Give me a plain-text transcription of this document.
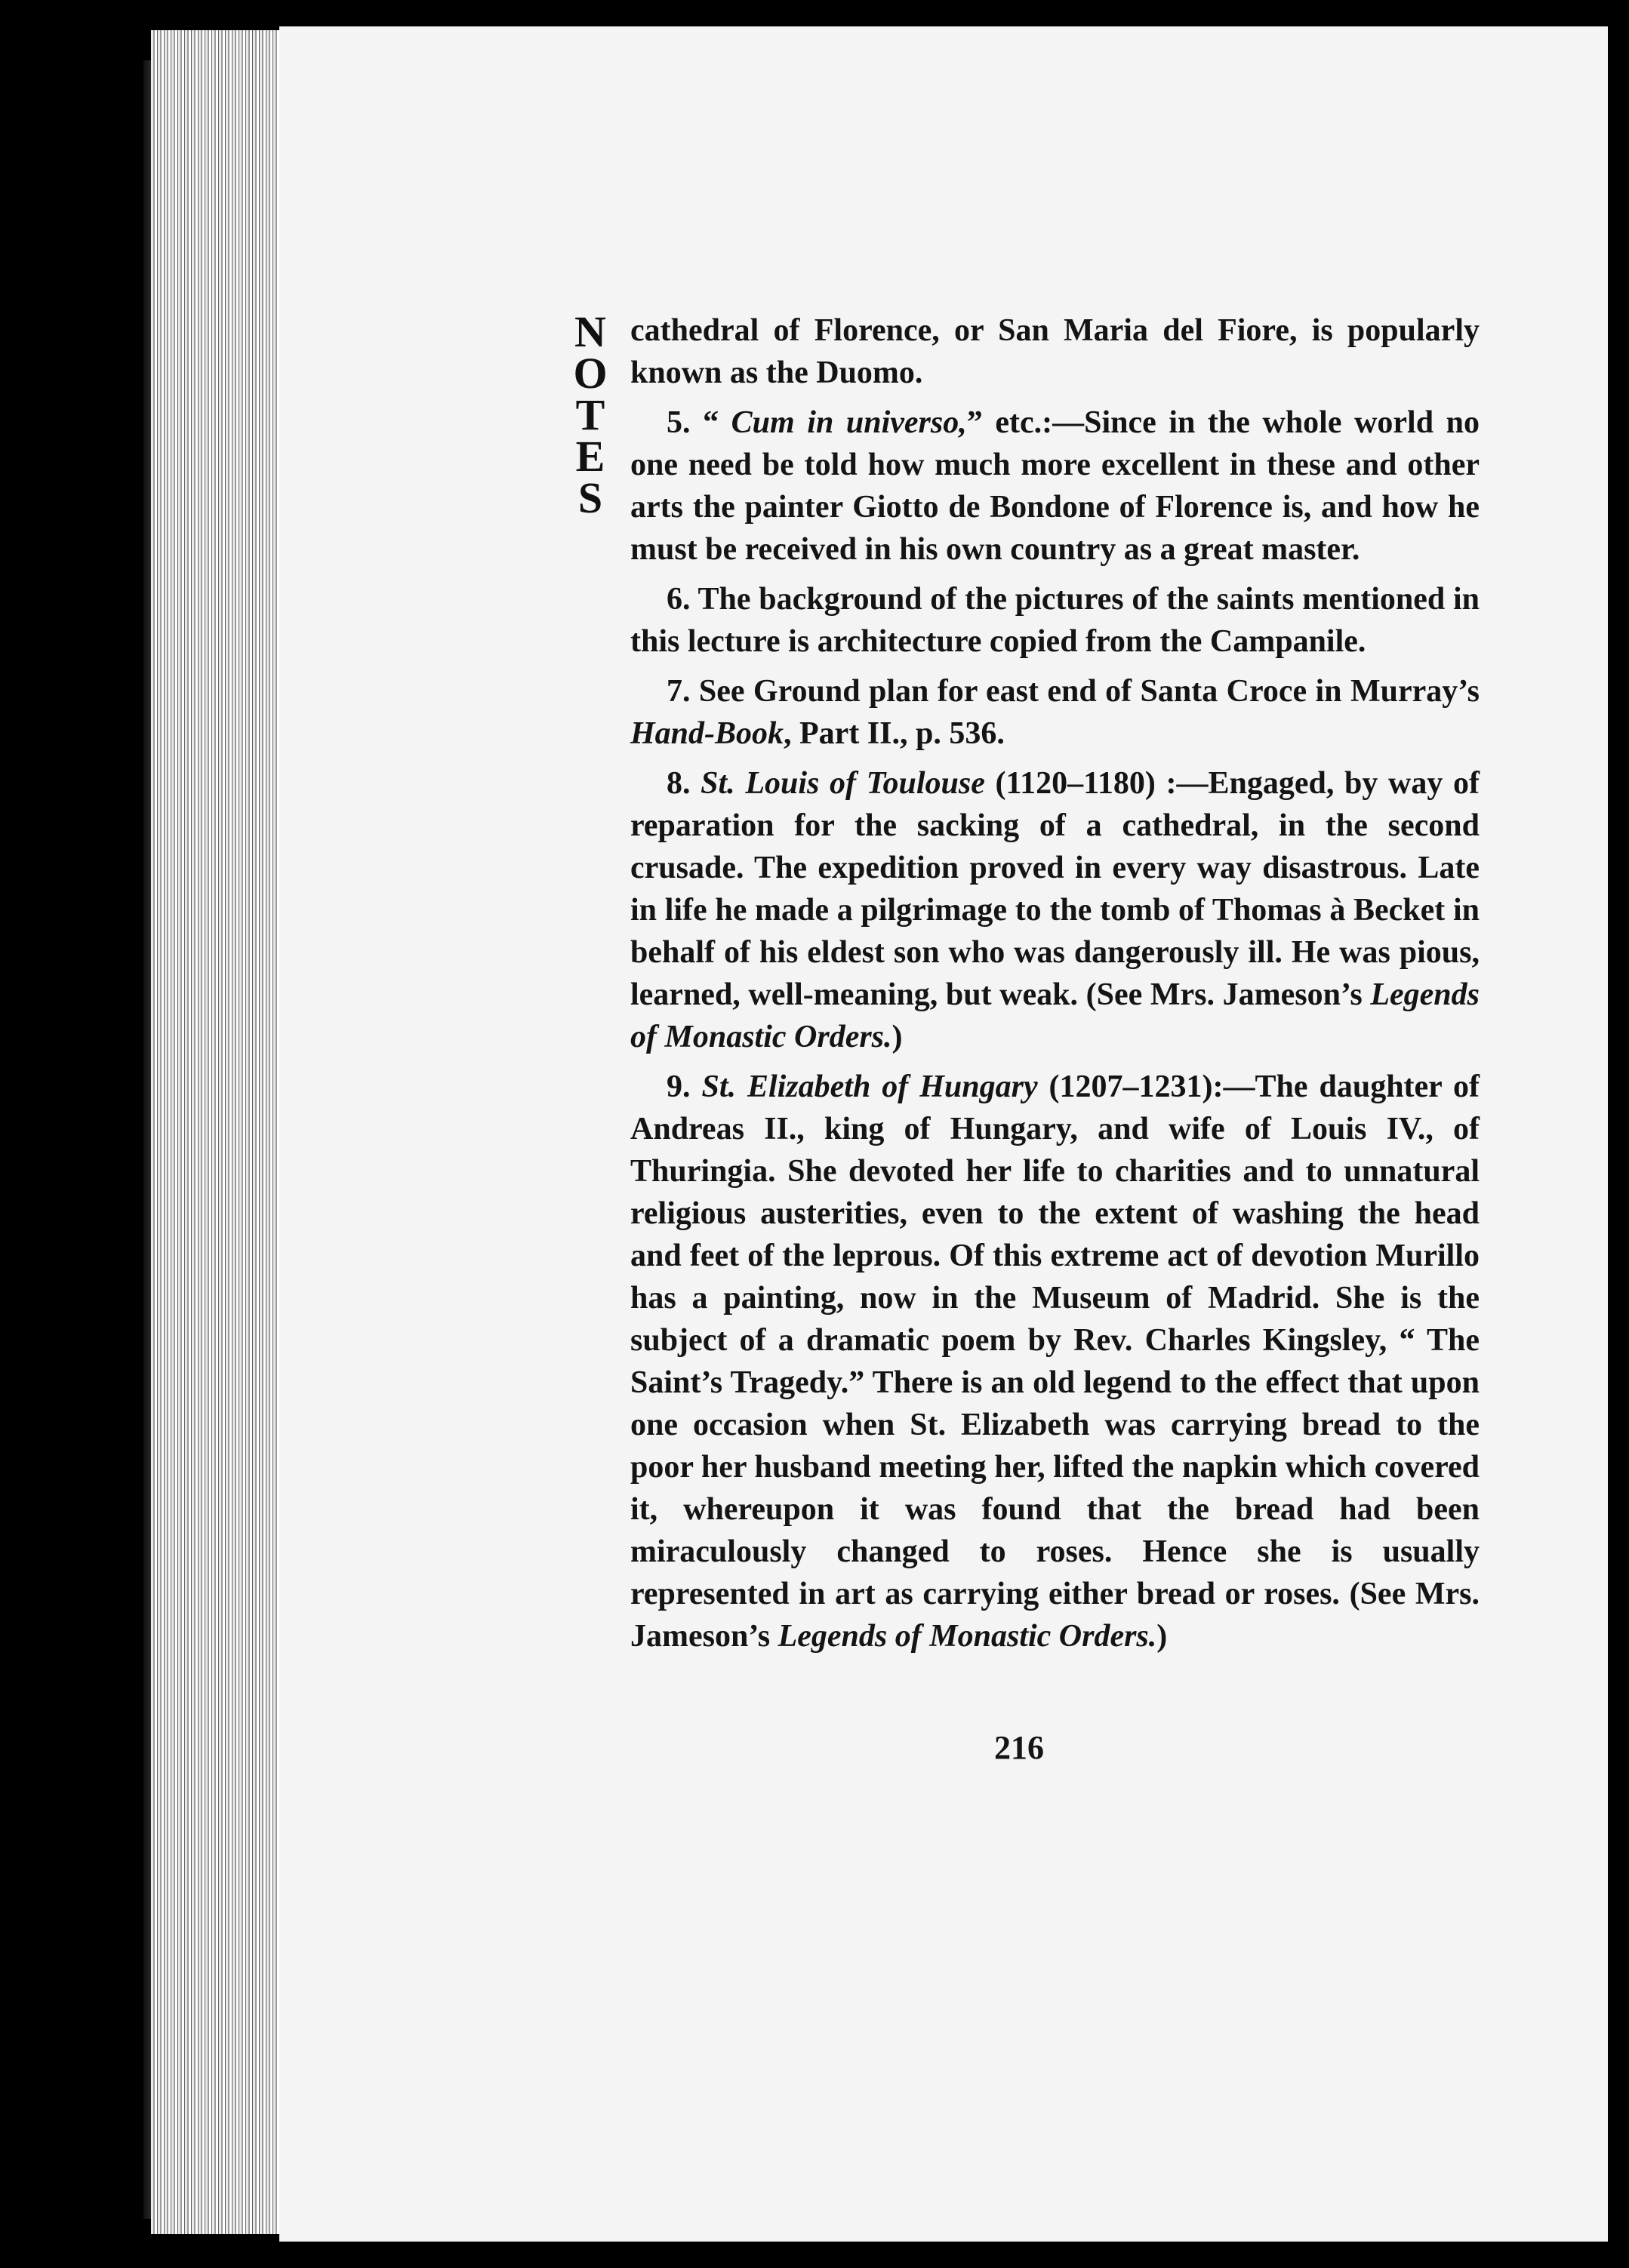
N
O
T
E
S

cathedral of Florence, or San Maria del Fiore, is popularly known as the Duomo.

5. “ Cum in universo,” etc.:—Since in the whole world no one need be told how much more excellent in these and other arts the painter Giotto de Bondone of Florence is, and how he must be received in his own country as a great master.

6. The background of the pictures of the saints mentioned in this lecture is architecture copied from the Campanile.

7. See Ground plan for east end of Santa Croce in Murray’s Hand-Book, Part II., p. 536.

8. St. Louis of Toulouse (1120–1180) :—Engaged, by way of reparation for the sacking of a cathedral, in the second crusade. The expedition proved in every way disastrous. Late in life he made a pilgrimage to the tomb of Thomas à Becket in behalf of his eldest son who was dangerously ill. He was pious, learned, well-meaning, but weak. (See Mrs. Jameson’s Legends of Monastic Orders.)

9. St. Elizabeth of Hungary (1207–1231):—The daughter of Andreas II., king of Hungary, and wife of Louis IV., of Thuringia. She devoted her life to charities and to unnatural religious austerities, even to the extent of washing the head and feet of the leprous. Of this extreme act of devotion Murillo has a painting, now in the Museum of Madrid. She is the subject of a dramatic poem by Rev. Charles Kingsley, “ The Saint’s Tragedy.” There is an old legend to the effect that upon one occasion when St. Elizabeth was carrying bread to the poor her husband meeting her, lifted the napkin which covered it, whereupon it was found that the bread had been miraculously changed to roses. Hence she is usually represented in art as carrying either bread or roses. (See Mrs. Jameson’s Legends of Monastic Orders.)

216
